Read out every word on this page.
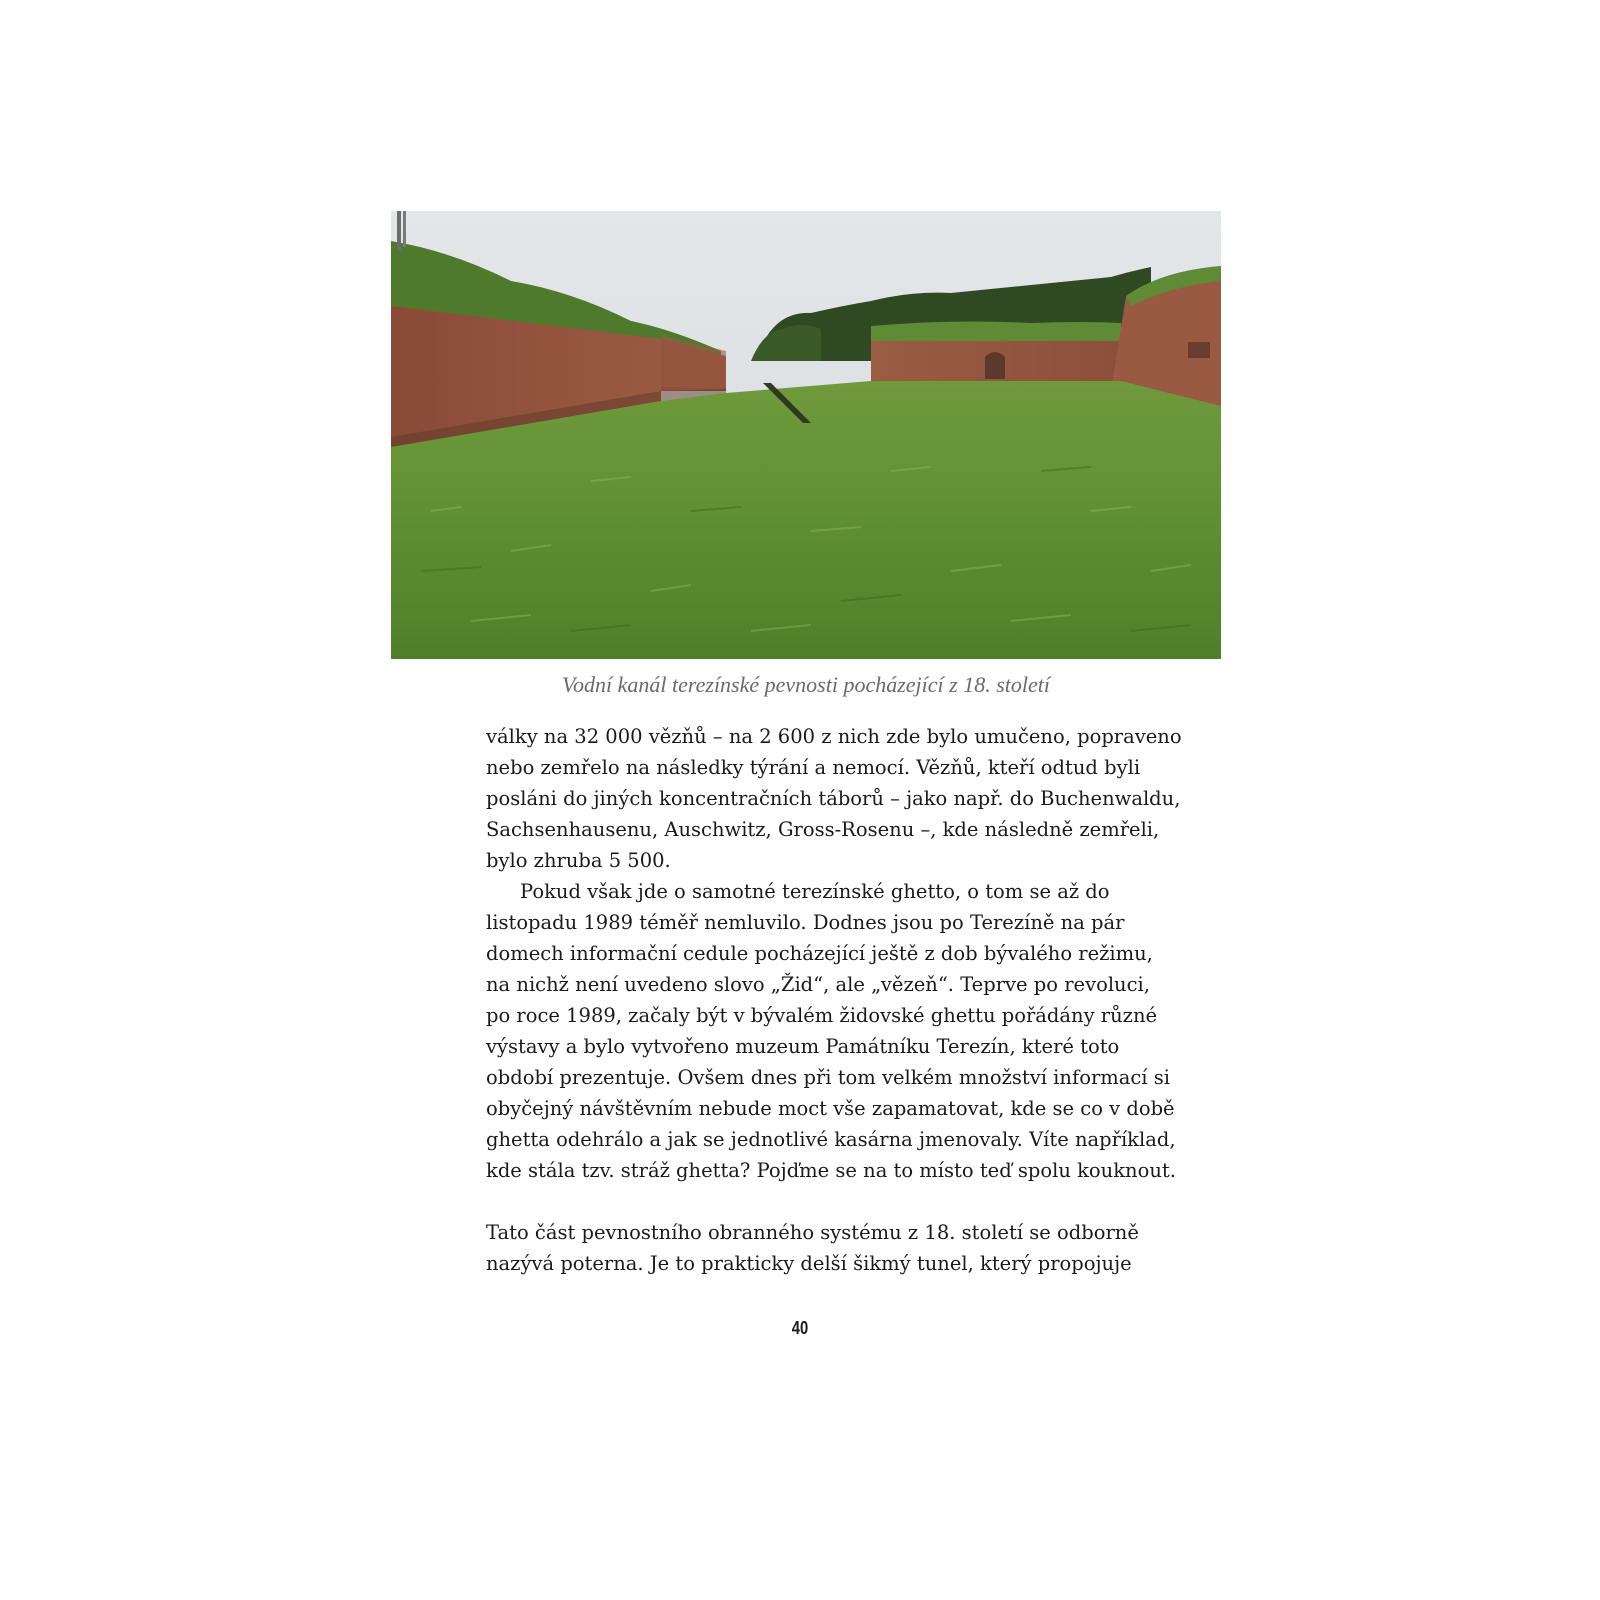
Vodní kanál terezínské pevnosti pocházející z 18. století
války na 32 000 vězňů – na 2 600 z nich zde bylo umučeno, popraveno
nebo zemřelo na následky týrání a nemocí. Vězňů, kteří odtud byli
posláni do jiných koncentračních táborů – jako např. do Buchenwaldu,
Sachsenhausenu, Auschwitz, Gross-Rosenu –, kde následně zemřeli,
bylo zhruba 5 500.
Pokud však jde o samotné terezínské ghetto, o tom se až do
listopadu 1989 téměř nemluvilo. Dodnes jsou po Terezíně na pár
domech informační cedule pocházející ještě z dob bývalého režimu,
na nichž není uvedeno slovo „Žid“, ale „vězeň“. Teprve po revoluci,
po roce 1989, začaly být v bývalém židovské ghettu pořádány různé
výstavy a bylo vytvořeno muzeum Památníku Terezín, které toto
období prezentuje. Ovšem dnes při tom velkém množství informací si
obyčejný návštěvním nebude moct vše zapamatovat, kde se co v době
ghetta odehrálo a jak se jednotlivé kasárna jmenovaly. Víte například,
kde stála tzv. stráž ghetta? Pojďme se na to místo teď spolu kouknout.
Tato část pevnostního obranného systému z 18. století se odborně
nazývá poterna. Je to prakticky delší šikmý tunel, který propojuje
40
